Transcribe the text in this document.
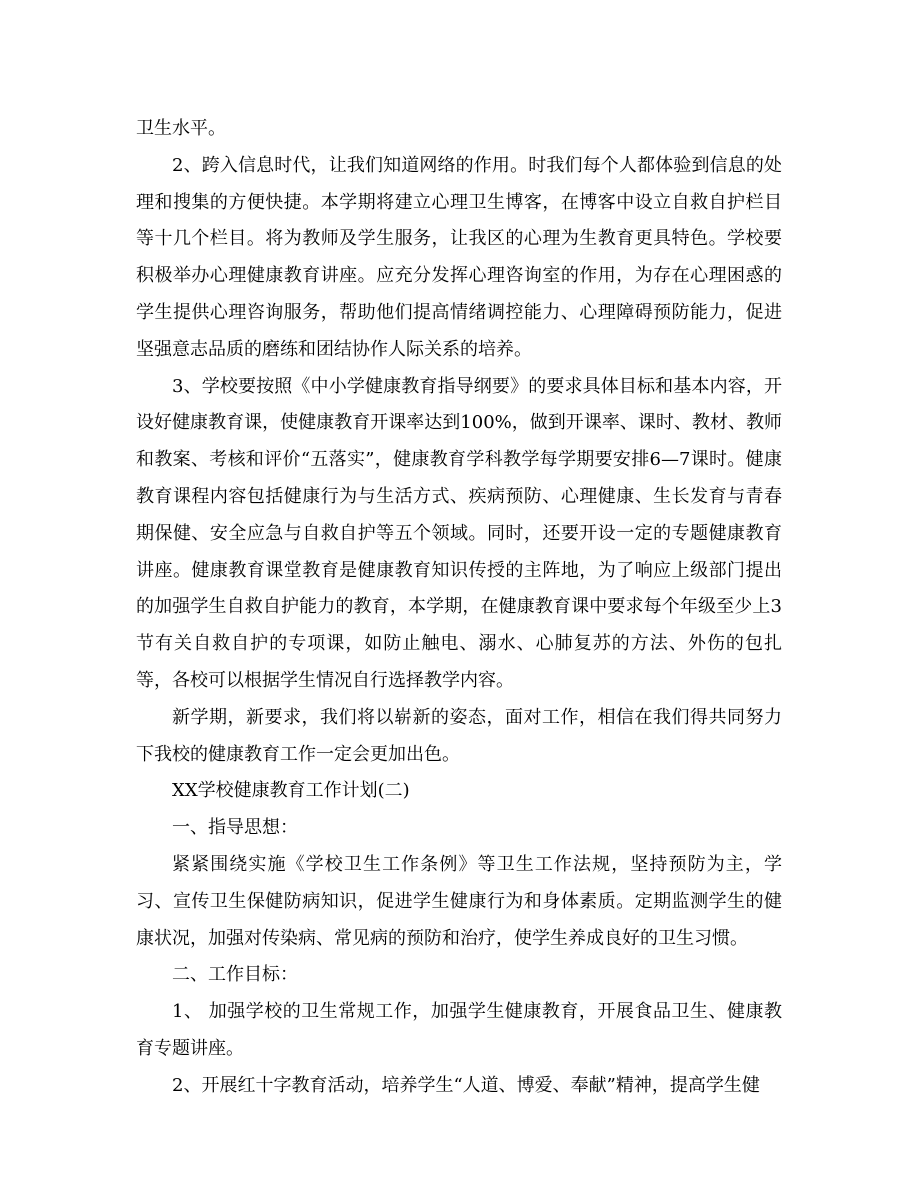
卫生水平。

2、跨入信息时代，让我们知道网络的作用。时我们每个人都体验到信息的处理和搜集的方便快捷。本学期将建立心理卫生博客，在博客中设立自救自护栏目等十几个栏目。将为教师及学生服务，让我区的心理为生教育更具特色。学校要积极举办心理健康教育讲座。应充分发挥心理咨询室的作用，为存在心理困惑的学生提供心理咨询服务，帮助他们提高情绪调控能力、心理障碍预防能力，促进坚强意志品质的磨练和团结协作人际关系的培养。

3、学校要按照《中小学健康教育指导纲要》的要求具体目标和基本内容，开设好健康教育课，使健康教育开课率达到100%，做到开课率、课时、教材、教师和教案、考核和评价“五落实”，健康教育学科教学每学期要安排6—7课时。健康教育课程内容包括健康行为与生活方式、疾病预防、心理健康、生长发育与青春期保健、安全应急与自救自护等五个领域。同时，还要开设一定的专题健康教育讲座。健康教育课堂教育是健康教育知识传授的主阵地，为了响应上级部门提出的加强学生自救自护能力的教育，本学期，在健康教育课中要求每个年级至少上3节有关自救自护的专项课，如防止触电、溺水、心肺复苏的方法、外伤的包扎等，各校可以根据学生情况自行选择教学内容。

新学期，新要求，我们将以崭新的姿态，面对工作，相信在我们得共同努力下我校的健康教育工作一定会更加出色。

XX学校健康教育工作计划(二)

一、指导思想：

紧紧围绕实施《学校卫生工作条例》等卫生工作法规，坚持预防为主，学习、宣传卫生保健防病知识，促进学生健康行为和身体素质。定期监测学生的健康状况，加强对传染病、常见病的预防和治疗，使学生养成良好的卫生习惯。

二、工作目标：

1、 加强学校的卫生常规工作，加强学生健康教育，开展食品卫生、健康教育专题讲座。

2、开展红十字教育活动，培养学生“人道、博爱、奉献”精神，提高学生健
